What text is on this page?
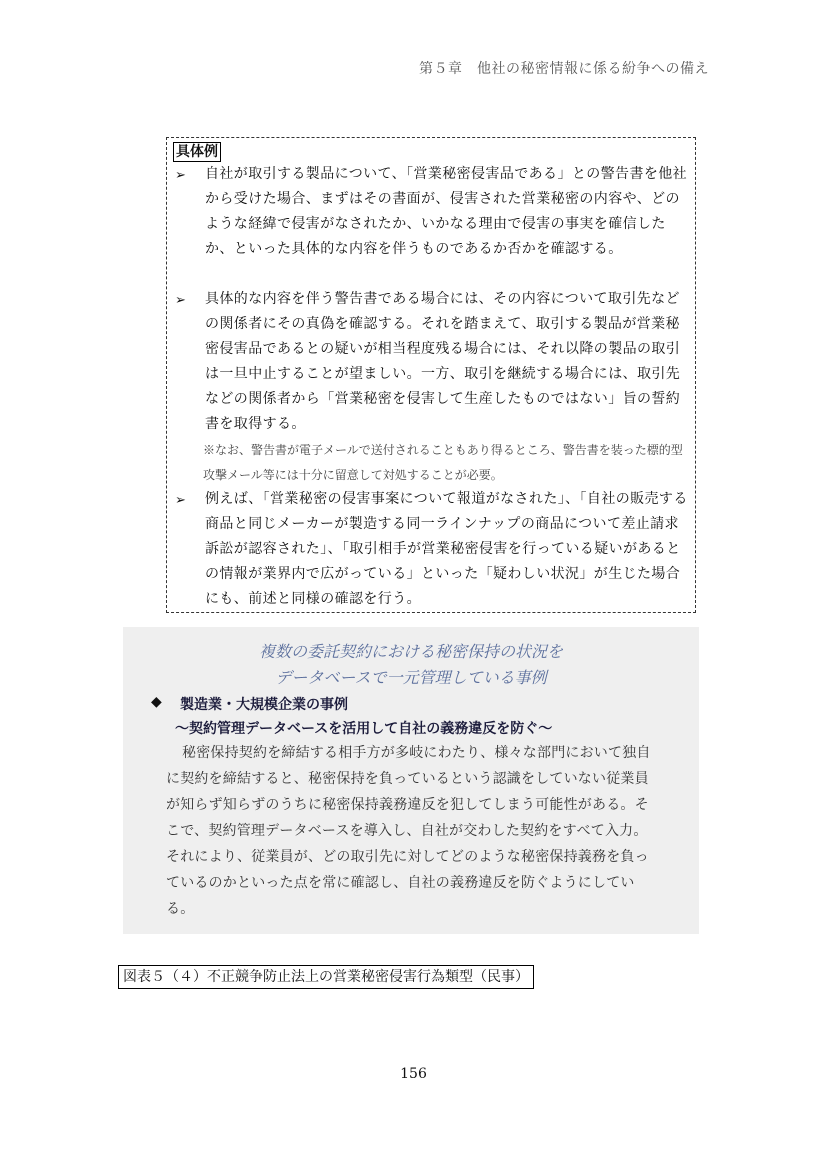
第５章　他社の秘密情報に係る紛争への備え
具体例
➢ 自社が取引する製品について、「営業秘密侵害品である」との警告書を他社から受けた場合、まずはその書面が、侵害された営業秘密の内容や、どのような経緯で侵害がなされたか、いかなる理由で侵害の事実を確信したか、といった具体的な内容を伴うものであるか否かを確認する。
➢ 具体的な内容を伴う警告書である場合には、その内容について取引先などの関係者にその真偽を確認する。それを踏まえて、取引する製品が営業秘密侵害品であるとの疑いが相当程度残る場合には、それ以降の製品の取引は一旦中止することが望ましい。一方、取引を継続する場合には、取引先などの関係者から「営業秘密を侵害して生産したものではない」旨の誓約書を取得する。
※なお、警告書が電子メールで送付されることもあり得るところ、警告書を装った標的型攻撃メール等には十分に留意して対処することが必要。
➢ 例えば、「営業秘密の侵害事案について報道がなされた」、「自社の販売する商品と同じメーカーが製造する同一ラインナップの商品について差止請求訴訟が認容された」、「取引相手が営業秘密侵害を行っている疑いがあるとの情報が業界内で広がっている」といった「疑わしい状況」が生じた場合にも、前述と同様の確認を行う。
複数の委託契約における秘密保持の状況を
データベースで一元管理している事例
◆ 製造業・大規模企業の事例
～契約管理データベースを活用して自社の義務違反を防ぐ～
秘密保持契約を締結する相手方が多岐にわたり、様々な部門において独自に契約を締結すると、秘密保持を負っているという認識をしていない従業員が知らず知らずのうちに秘密保持義務違反を犯してしまう可能性がある。そこで、契約管理データベースを導入し、自社が交わした契約をすべて入力。それにより、従業員が、どの取引先に対してどのような秘密保持義務を負っているのかといった点を常に確認し、自社の義務違反を防ぐようにしている。
図表５（４）不正競争防止法上の営業秘密侵害行為類型（民事）
156
